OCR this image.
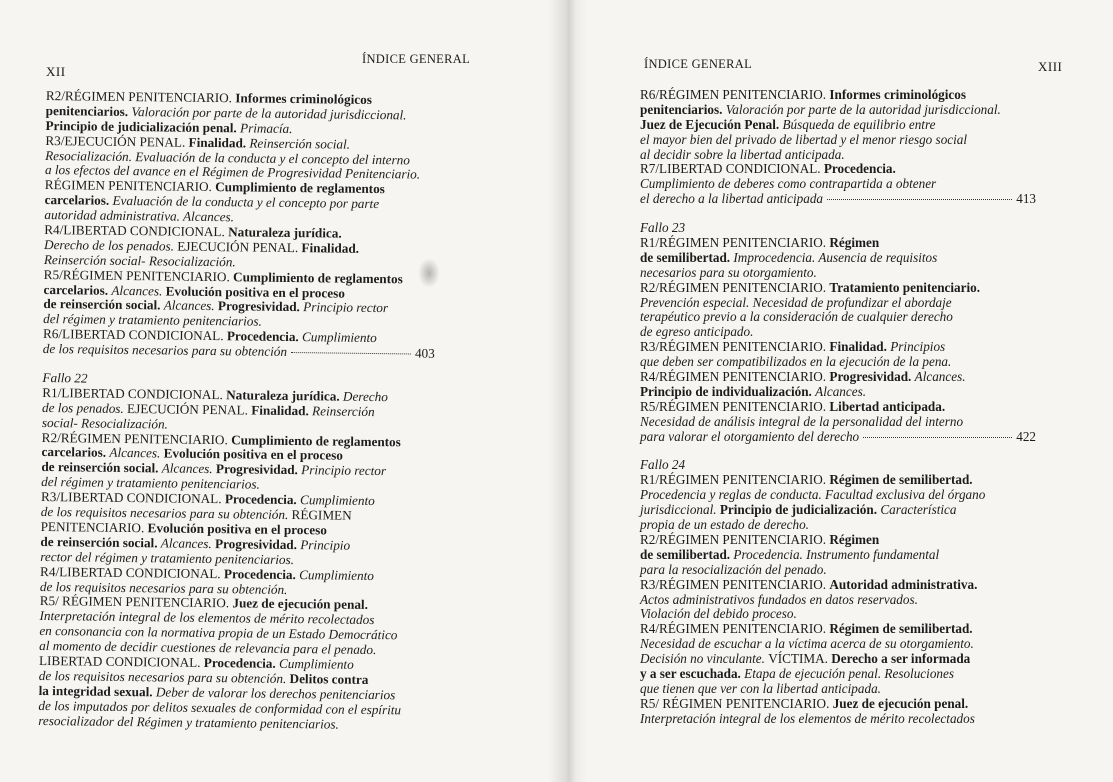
XII
ÍNDICE GENERAL
R2/RÉGIMEN PENITENCIARIO. Informes criminológicos
penitenciarios. Valoración por parte de la autoridad jurisdiccional.
Principio de judicialización penal. Primacía.
R3/EJECUCIÓN PENAL. Finalidad. Reinserción social.
Resocialización. Evaluación de la conducta y el concepto del interno
a los efectos del avance en el Régimen de Progresividad Penitenciario.
RÉGIMEN PENITENCIARIO. Cumplimiento de reglamentos
carcelarios. Evaluación de la conducta y el concepto por parte
autoridad administrativa. Alcances.
R4/LIBERTAD CONDICIONAL. Naturaleza jurídica.
Derecho de los penados. EJECUCIÓN PENAL. Finalidad.
Reinserción social- Resocialización.
R5/RÉGIMEN PENITENCIARIO. Cumplimiento de reglamentos
carcelarios. Alcances. Evolución positiva en el proceso
de reinserción social. Alcances. Progresividad. Principio rector
del régimen y tratamiento penitenciarios.
R6/LIBERTAD CONDICIONAL. Procedencia. Cumplimiento
de los requisitos necesarios para su obtención	403
Fallo 22
R1/LIBERTAD CONDICIONAL. Naturaleza jurídica. Derecho
de los penados. EJECUCIÓN PENAL. Finalidad. Reinserción
social- Resocialización.
R2/RÉGIMEN PENITENCIARIO. Cumplimiento de reglamentos
carcelarios. Alcances. Evolución positiva en el proceso
de reinserción social. Alcances. Progresividad. Principio rector
del régimen y tratamiento penitenciarios.
R3/LIBERTAD CONDICIONAL. Procedencia. Cumplimiento
de los requisitos necesarios para su obtención. RÉGIMEN
PENITENCIARIO. Evolución positiva en el proceso
de reinserción social. Alcances. Progresividad. Principio
rector del régimen y tratamiento penitenciarios.
R4/LIBERTAD CONDICIONAL. Procedencia. Cumplimiento
de los requisitos necesarios para su obtención.
R5/ RÉGIMEN PENITENCIARIO. Juez de ejecución penal.
Interpretación integral de los elementos de mérito recolectados
en consonancia con la normativa propia de un Estado Democrático
al momento de decidir cuestiones de relevancia para el penado.
LIBERTAD CONDICIONAL. Procedencia. Cumplimiento
de los requisitos necesarios para su obtención. Delitos contra
la integridad sexual. Deber de valorar los derechos penitenciarios
de los imputados por delitos sexuales de conformidad con el espíritu
resocializador del Régimen y tratamiento penitenciarios.
ÍNDICE GENERAL	XIII
R6/RÉGIMEN PENITENCIARIO. Informes criminológicos
penitenciarios. Valoración por parte de la autoridad jurisdiccional.
Juez de Ejecución Penal. Búsqueda de equilibrio entre
el mayor bien del privado de libertad y el menor riesgo social
al decidir sobre la libertad anticipada.
R7/LIBERTAD CONDICIONAL. Procedencia.
Cumplimiento de deberes como contrapartida a obtener
el derecho a la libertad anticipada	413
Fallo 23
R1/RÉGIMEN PENITENCIARIO. Régimen
de semilibertad. Improcedencia. Ausencia de requisitos
necesarios para su otorgamiento.
R2/RÉGIMEN PENITENCIARIO. Tratamiento penitenciario.
Prevención especial. Necesidad de profundizar el abordaje
terapéutico previo a la consideración de cualquier derecho
de egreso anticipado.
R3/RÉGIMEN PENITENCIARIO. Finalidad. Principios
que deben ser compatibilizados en la ejecución de la pena.
R4/RÉGIMEN PENITENCIARIO. Progresividad. Alcances.
Principio de individualización. Alcances.
R5/RÉGIMEN PENITENCIARIO. Libertad anticipada.
Necesidad de análisis integral de la personalidad del interno
para valorar el otorgamiento del derecho	422
Fallo 24
R1/RÉGIMEN PENITENCIARIO. Régimen de semilibertad.
Procedencia y reglas de conducta. Facultad exclusiva del órgano
jurisdiccional. Principio de judicialización. Característica
propia de un estado de derecho.
R2/RÉGIMEN PENITENCIARIO. Régimen
de semilibertad. Procedencia. Instrumento fundamental
para la resocialización del penado.
R3/RÉGIMEN PENITENCIARIO. Autoridad administrativa.
Actos administrativos fundados en datos reservados.
Violación del debido proceso.
R4/RÉGIMEN PENITENCIARIO. Régimen de semilibertad.
Necesidad de escuchar a la víctima acerca de su otorgamiento.
Decisión no vinculante. VÍCTIMA. Derecho a ser informada
y a ser escuchada. Etapa de ejecución penal. Resoluciones
que tienen que ver con la libertad anticipada.
R5/ RÉGIMEN PENITENCIARIO. Juez de ejecución penal.
Interpretación integral de los elementos de mérito recolectados
